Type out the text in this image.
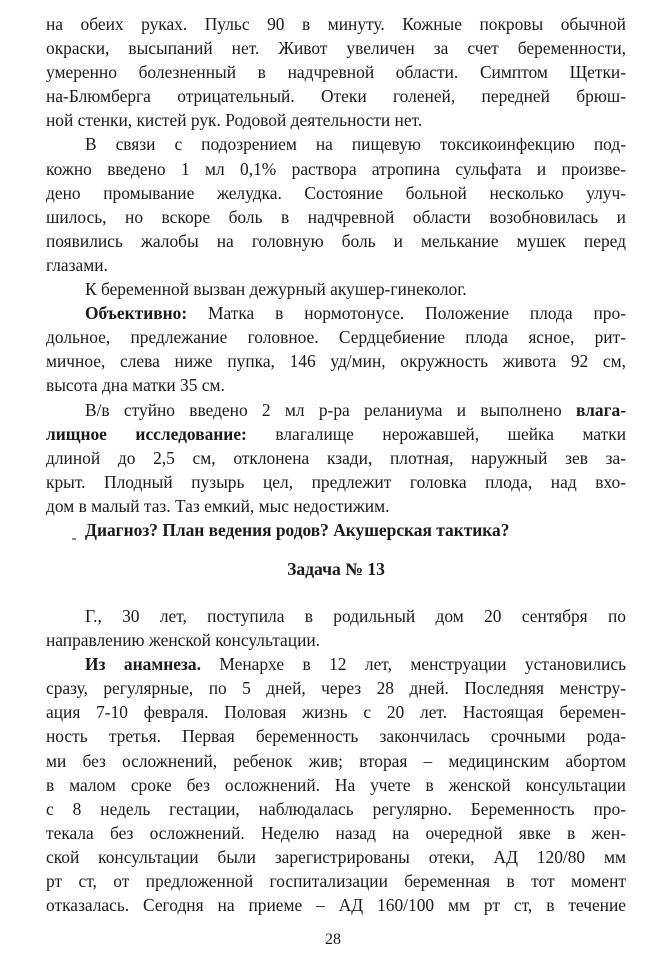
на обеих руках. Пульс 90 в минуту. Кожные покровы обычной
окраски, высыпаний нет. Живот увеличен за счет беременности,
умеренно болезненный в надчревной области. Симптом Щетки-
на-Блюмберга отрицательный. Отеки голеней, передней брюш-
ной стенки, кистей рук. Родовой деятельности нет.
В связи с подозрением на пищевую токсикоинфекцию под-
кожно введено 1 мл 0,1% раствора атропина сульфата и произве-
дено промывание желудка. Состояние больной несколько улуч-
шилось, но вскоре боль в надчревной области возобновилась и
появились жалобы на головную боль и мелькание мушек перед
глазами.
К беременной вызван дежурный акушер-гинеколог.
Объективно: Матка в нормотонусе. Положение плода про-
дольное, предлежание головное. Сердцебиение плода ясное, рит-
мичное, слева ниже пупка, 146 уд/мин, окружность живота 92 см,
высота дна матки 35 см.
В/в стуйно введено 2 мл р-ра реланиума и выполнено влага-
лищное исследование: влагалище нерожавшей, шейка матки
длиной до 2,5 см, отклонена кзади, плотная, наружный зев за-
крыт. Плодный пузырь цел, предлежит головка плода, над вхо-
дом в малый таз. Таз емкий, мыс недостижим.
Диагноз? План ведения родов? Акушерская тактика?
Задача № 13
Г., 30 лет, поступила в родильный дом 20 сентября по
направлению женской консультации.
Из анамнеза. Менархе в 12 лет, менструации установились
сразу, регулярные, по 5 дней, через 28 дней. Последняя менстру-
ация 7-10 февраля. Половая жизнь с 20 лет. Настоящая беремен-
ность третья. Первая беременность закончилась срочными рода-
ми без осложнений, ребенок жив; вторая – медицинским абортом
в малом сроке без осложнений. На учете в женской консультации
с 8 недель гестации, наблюдалась регулярно. Беременность про-
текала без осложнений. Неделю назад на очередной явке в жен-
ской консультации были зарегистрированы отеки, АД 120/80 мм
рт ст, от предложенной госпитализации беременная в тот момент
отказалась. Сегодня на приеме – АД 160/100 мм рт ст, в течение
28
